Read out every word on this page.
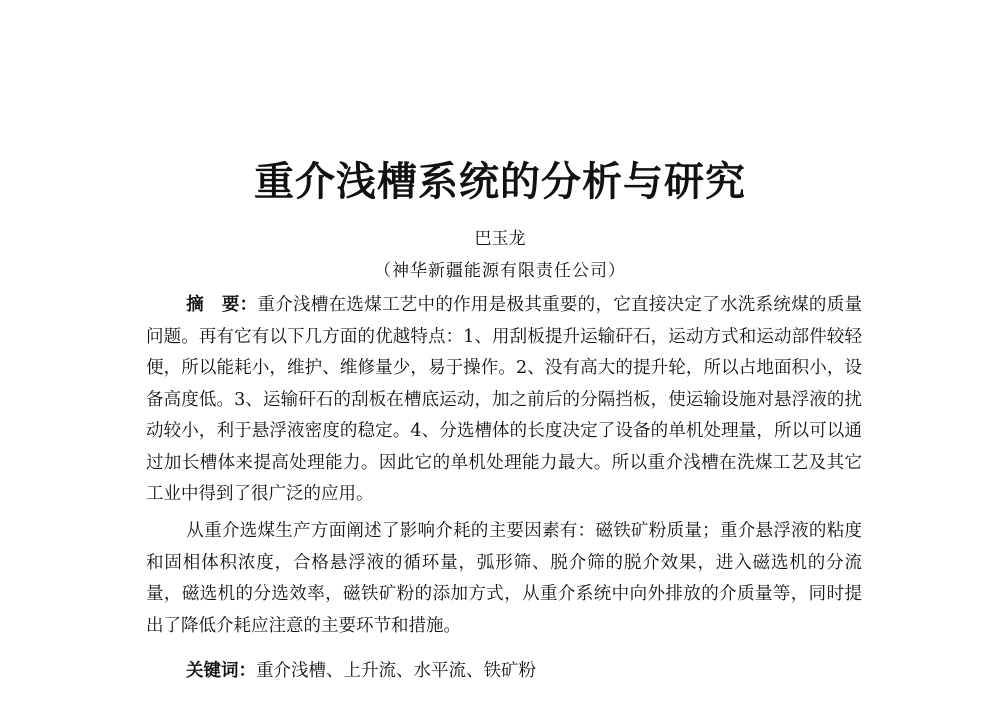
重介浅槽系统的分析与研究
巴玉龙
（神华新疆能源有限责任公司）
摘　要：重介浅槽在选煤工艺中的作用是极其重要的，它直接决定了水洗系统煤的质量问题。再有它有以下几方面的优越特点：1、用刮板提升运输矸石，运动方式和运动部件较轻便，所以能耗小，维护、维修量少，易于操作。2、没有高大的提升轮，所以占地面积小，设备高度低。3、运输矸石的刮板在槽底运动，加之前后的分隔挡板，使运输设施对悬浮液的扰动较小，利于悬浮液密度的稳定。4、分选槽体的长度决定了设备的单机处理量，所以可以通过加长槽体来提高处理能力。因此它的单机处理能力最大。所以重介浅槽在洗煤工艺及其它工业中得到了很广泛的应用。
从重介选煤生产方面阐述了影响介耗的主要因素有：磁铁矿粉质量；重介悬浮液的粘度和固相体积浓度，合格悬浮液的循环量，弧形筛、脱介筛的脱介效果，进入磁选机的分流量，磁选机的分选效率，磁铁矿粉的添加方式，从重介系统中向外排放的介质量等，同时提出了降低介耗应注意的主要环节和措施。
关键词：重介浅槽、上升流、水平流、铁矿粉
